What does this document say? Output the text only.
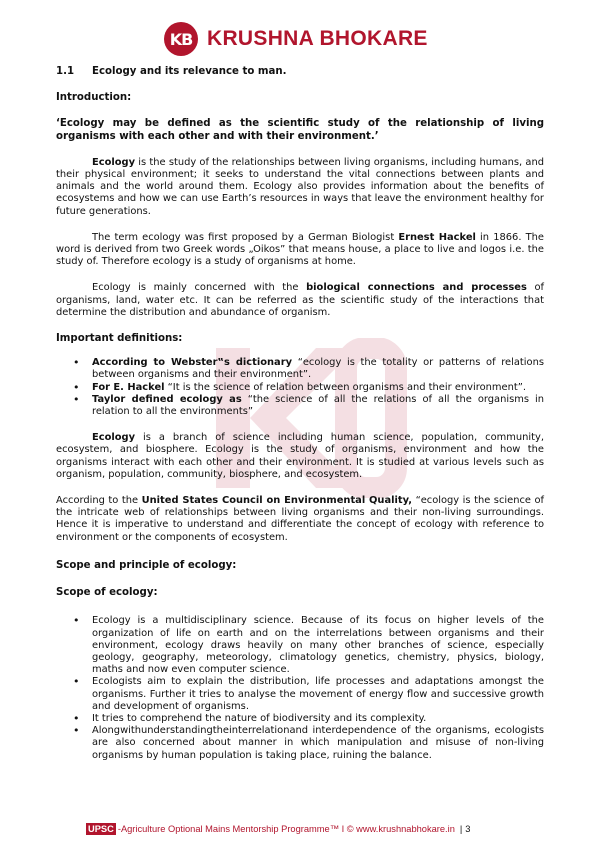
KB KRUSHNA BHOKARE
1.1	Ecology and its relevance to man.

Introduction:

‘Ecology may be defined as the scientific study of the relationship of living organisms with each other and with their environment.’

Ecology is the study of the relationships between living organisms, including humans, and their physical environment; it seeks to understand the vital connections between plants and animals and the world around them. Ecology also provides information about the benefits of ecosystems and how we can use Earth’s resources in ways that leave the environment healthy for future generations.

The term ecology was first proposed by a German Biologist Ernest Hackel in 1866. The word is derived from two Greek words „Oikos” that means house, a place to live and logos i.e. the study of. Therefore ecology is a study of organisms at home.

Ecology is mainly concerned with the biological connections and processes of organisms, land, water etc. It can be referred as the scientific study of the interactions that determine the distribution and abundance of organism.

Important definitions:

• According to Webster‟s dictionary “ecology is the totality or patterns of relations between organisms and their environment”.
• For E. Hackel “It is the science of relation between organisms and their environment”.
• Taylor defined ecology as “the science of all the relations of all the organisms in relation to all the environments”

Ecology is a branch of science including human science, population, community, ecosystem, and biosphere. Ecology is the study of organisms, environment and how the organisms interact with each other and their environment. It is studied at various levels such as organism, population, community, biosphere, and ecosystem.

According to the United States Council on Environmental Quality, “ecology is the science of the intricate web of relationships between living organisms and their non-living surroundings. Hence it is imperative to understand and differentiate the concept of ecology with reference to environment or the components of ecosystem.

Scope and principle of ecology:

Scope of ecology:

• Ecology is a multidisciplinary science. Because of its focus on higher levels of the organization of life on earth and on the interrelations between organisms and their environment, ecology draws heavily on many other branches of science, especially geology, geography, meteorology, climatology genetics, chemistry, physics, biology, maths and now even computer science.
• Ecologists aim to explain the distribution, life processes and adaptations amongst the organisms. Further it tries to analyse the movement of energy flow and successive growth and development of organisms.
• It tries to comprehend the nature of biodiversity and its complexity.
• Alongwithunderstandingtheinterrelationand interdependence of the organisms, ecologists are also concerned about manner in which manipulation and misuse of non-living organisms by human population is taking place, ruining the balance.
UPSC -Agriculture Optional Mains Mentorship Programme™ I © www.krushnabhokare.in | 3
